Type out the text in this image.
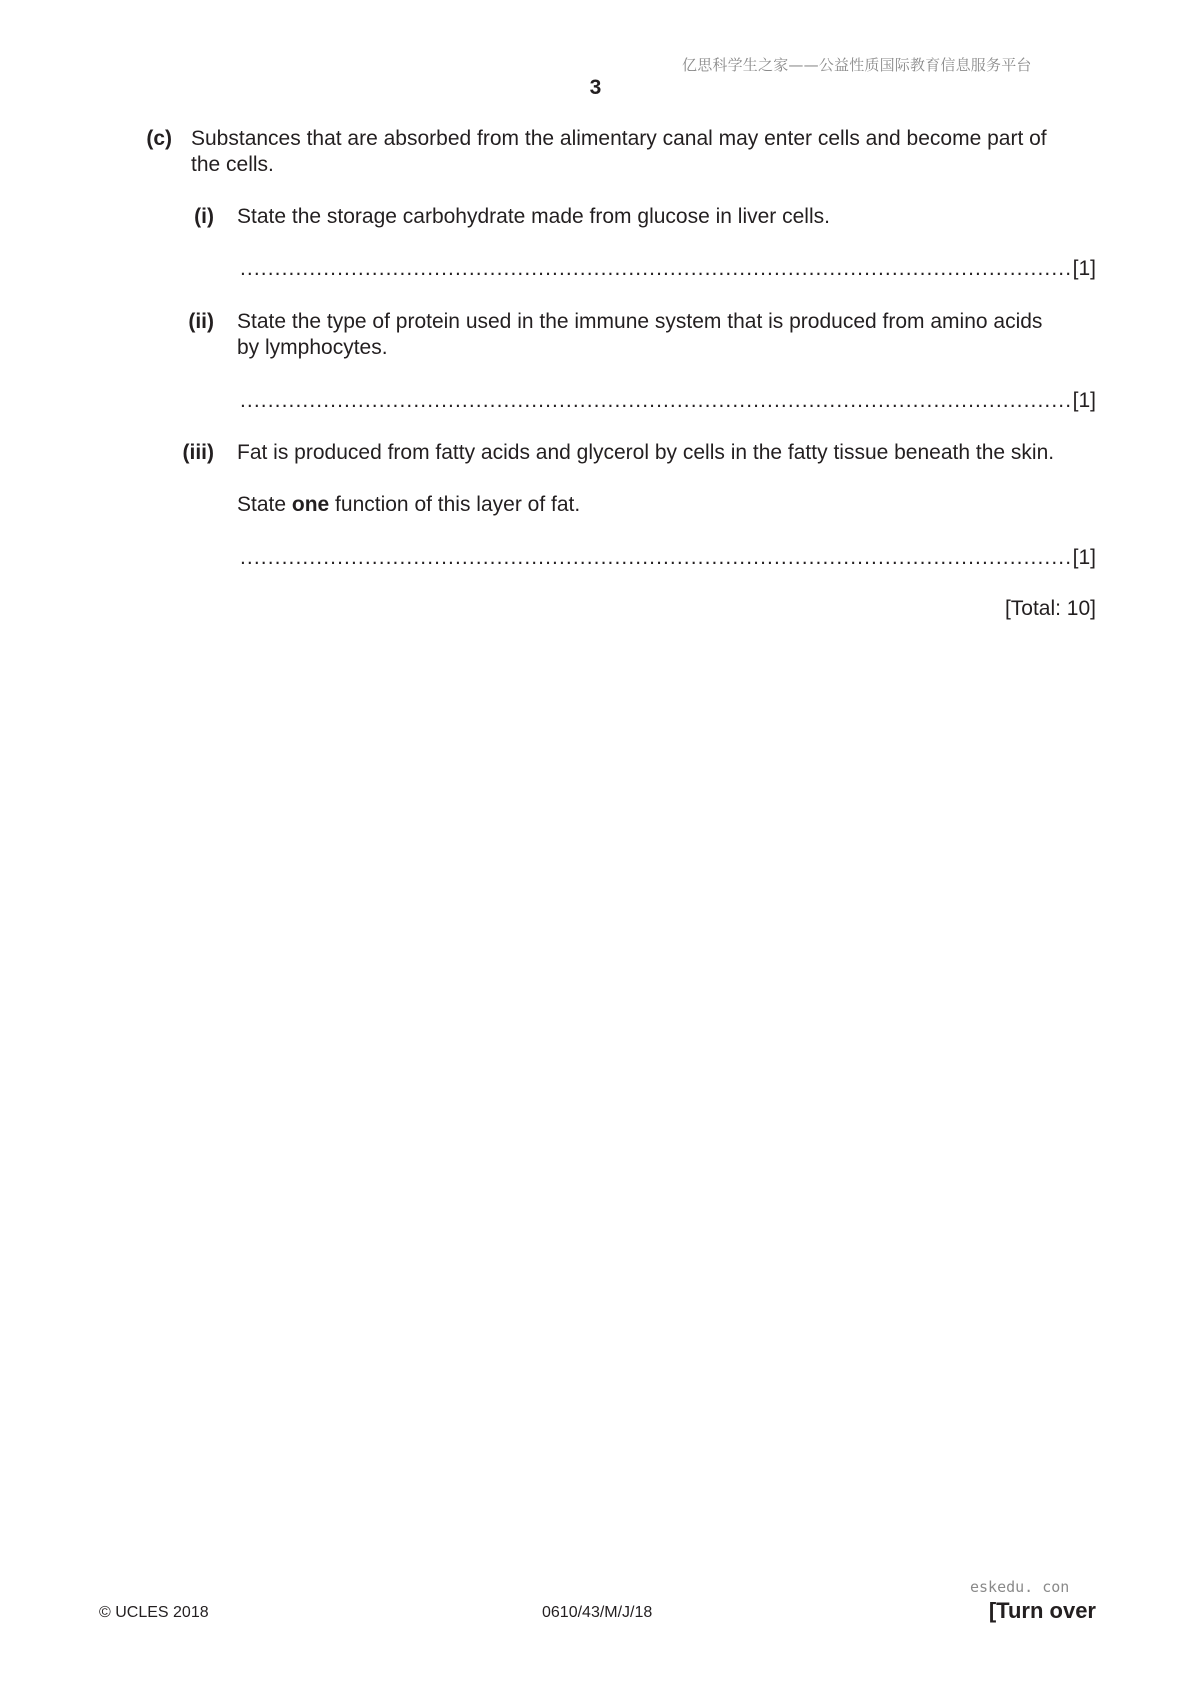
亿思科学生之家——公益性质国际教育信息服务平台
3
(c) Substances that are absorbed from the alimentary canal may enter cells and become part of

the cells.

(i) State the storage carbohydrate made from glucose in liver cells.

.....
[1]
(ii) State the type of protein used in the immune system that is produced from amino acids

by lymphocytes.

.....
[1]
(iii) Fat is produced from fatty acids and glycerol by cells in the fatty tissue beneath the skin.

State one function of this layer of fat.

.....
[1]
[Total: 10]
© UCLES 2018	0610/43/M/J/18
eskedu. con
[Turn over
